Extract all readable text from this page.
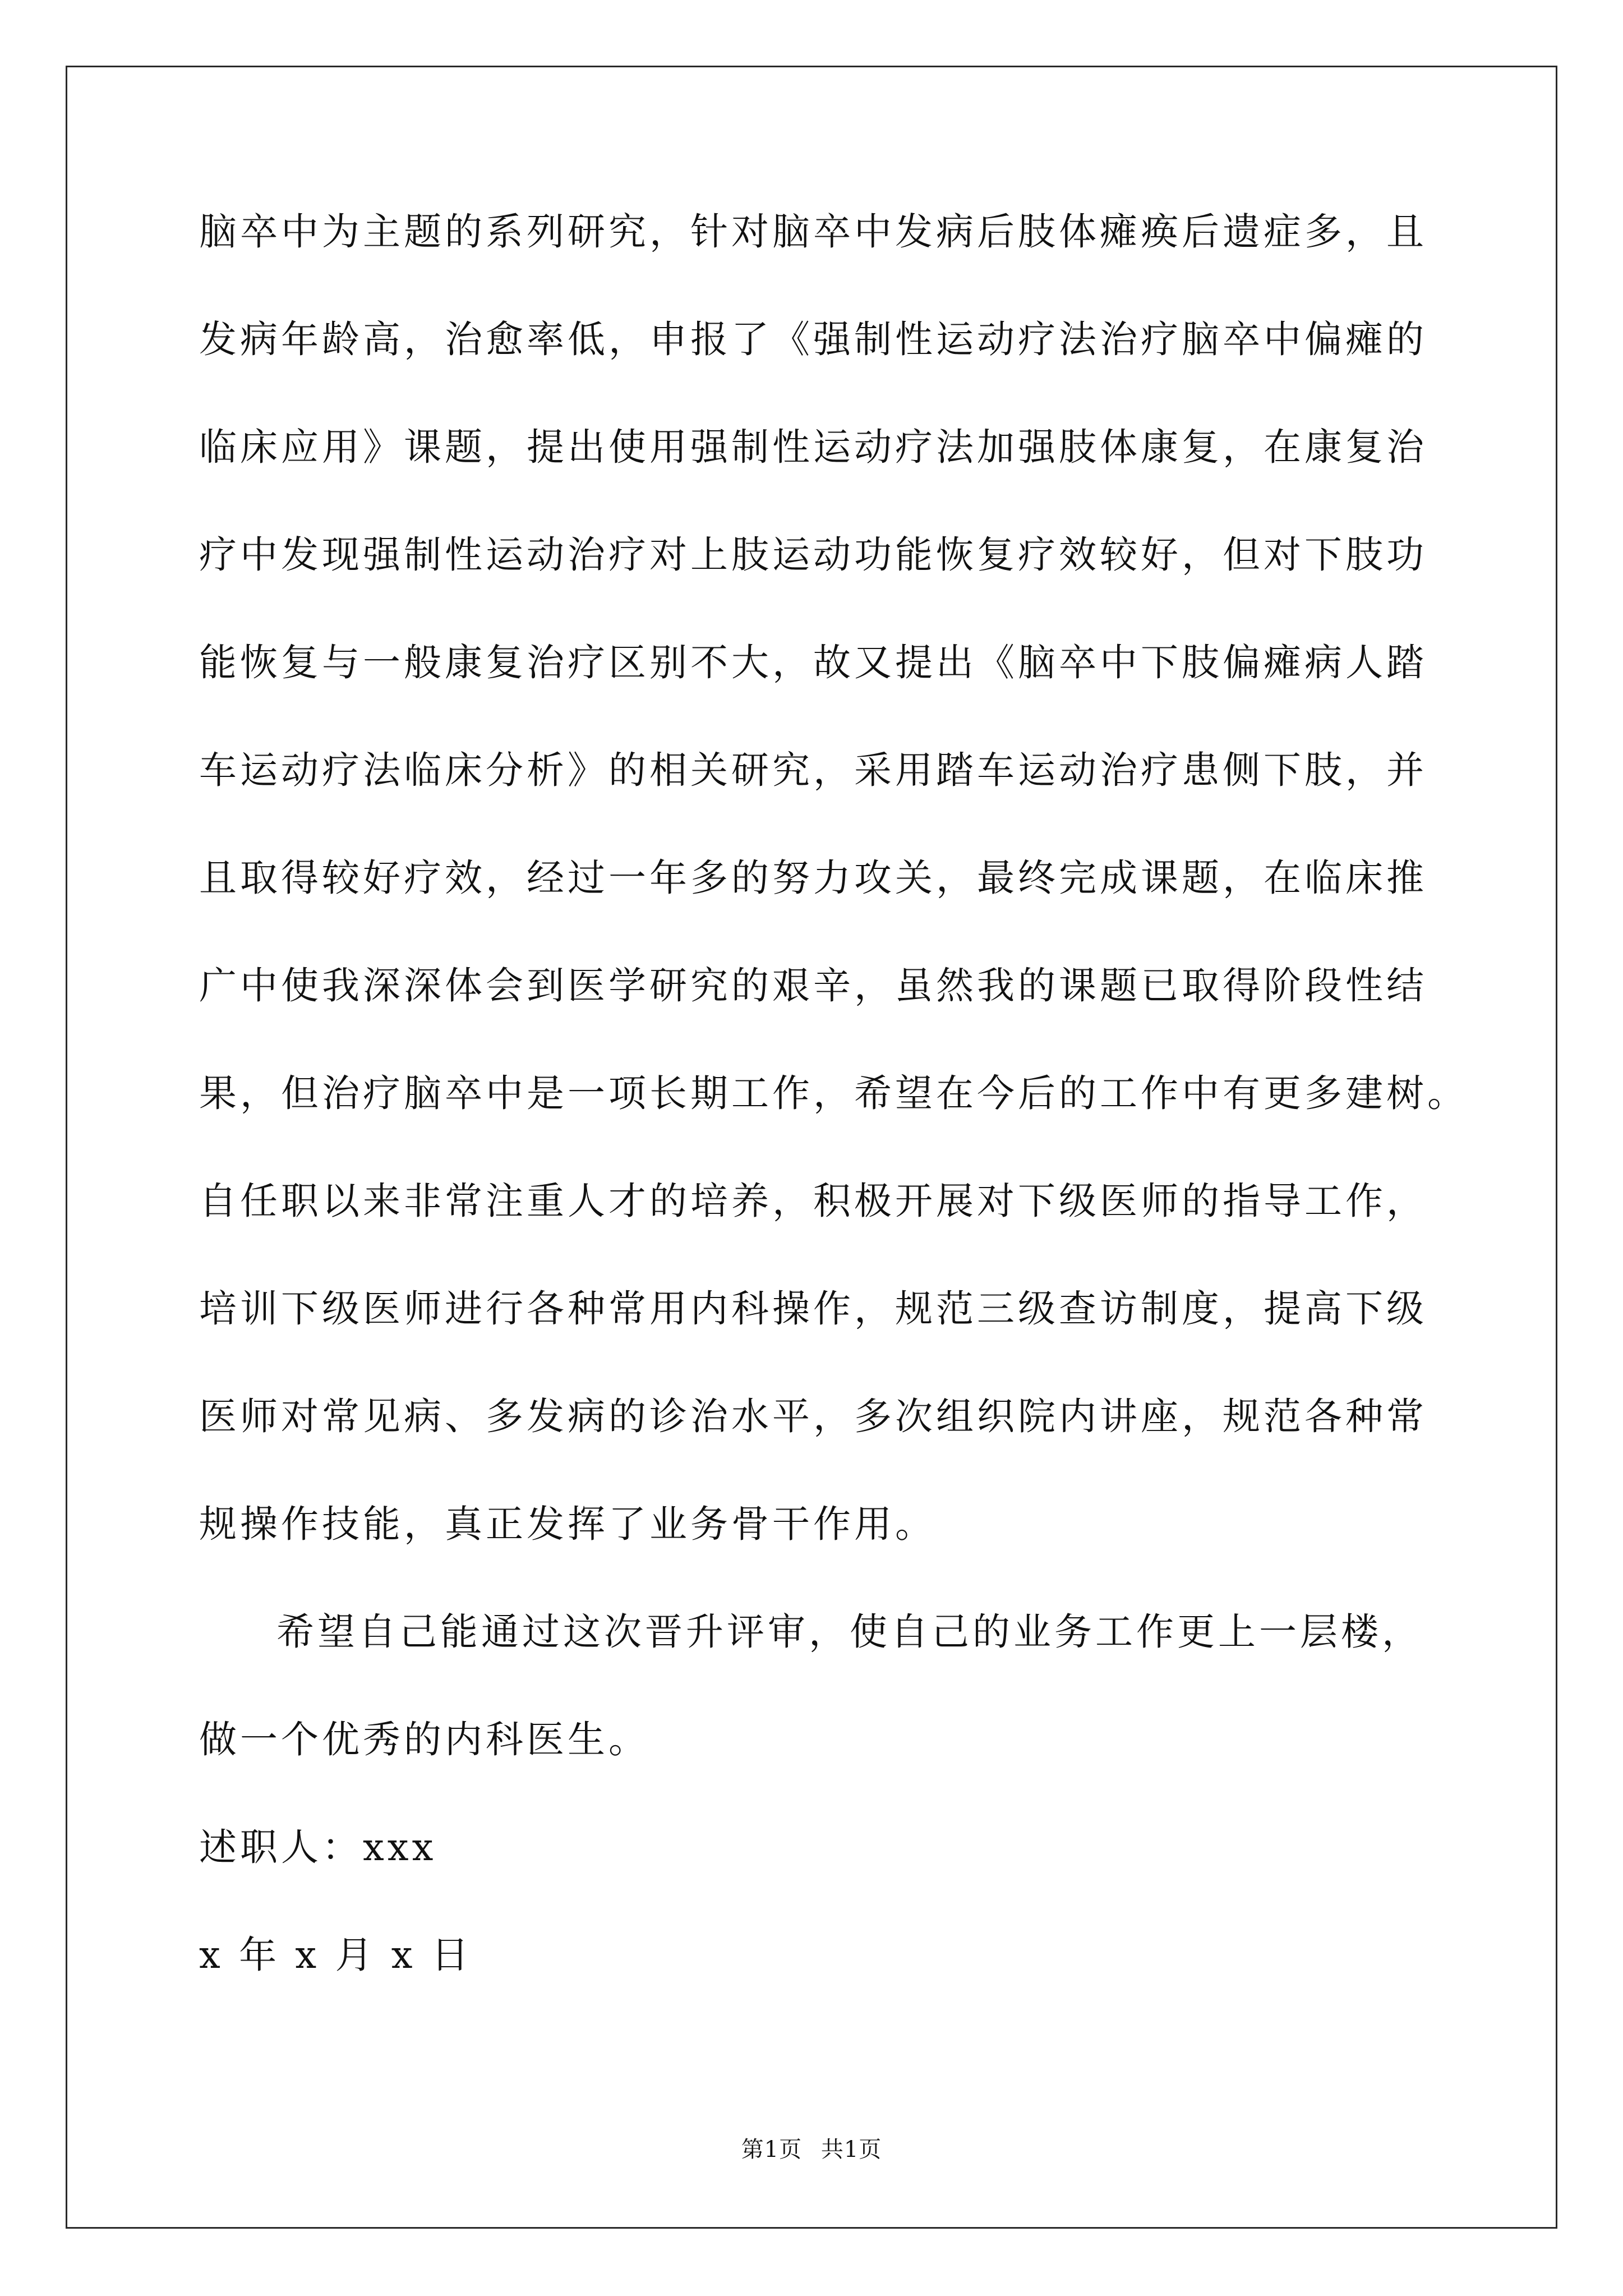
脑卒中为主题的系列研究，针对脑卒中发病后肢体瘫痪后遗症多，且
发病年龄高，治愈率低，申报了《强制性运动疗法治疗脑卒中偏瘫的
临床应用》课题，提出使用强制性运动疗法加强肢体康复，在康复治
疗中发现强制性运动治疗对上肢运动功能恢复疗效较好，但对下肢功
能恢复与一般康复治疗区别不大，故又提出《脑卒中下肢偏瘫病人踏
车运动疗法临床分析》的相关研究，采用踏车运动治疗患侧下肢，并
且取得较好疗效，经过一年多的努力攻关，最终完成课题，在临床推
广中使我深深体会到医学研究的艰辛，虽然我的课题已取得阶段性结
果，但治疗脑卒中是一项长期工作，希望在今后的工作中有更多建树。
自任职以来非常注重人才的培养，积极开展对下级医师的指导工作，
培训下级医师进行各种常用内科操作，规范三级查访制度，提高下级
医师对常见病、多发病的诊治水平，多次组织院内讲座，规范各种常
规操作技能，真正发挥了业务骨干作用。
希望自己能通过这次晋升评审，使自己的业务工作更上一层楼，
做一个优秀的内科医生。
述职人：xxx
x 年 x 月 x 日
第1页 共1页
